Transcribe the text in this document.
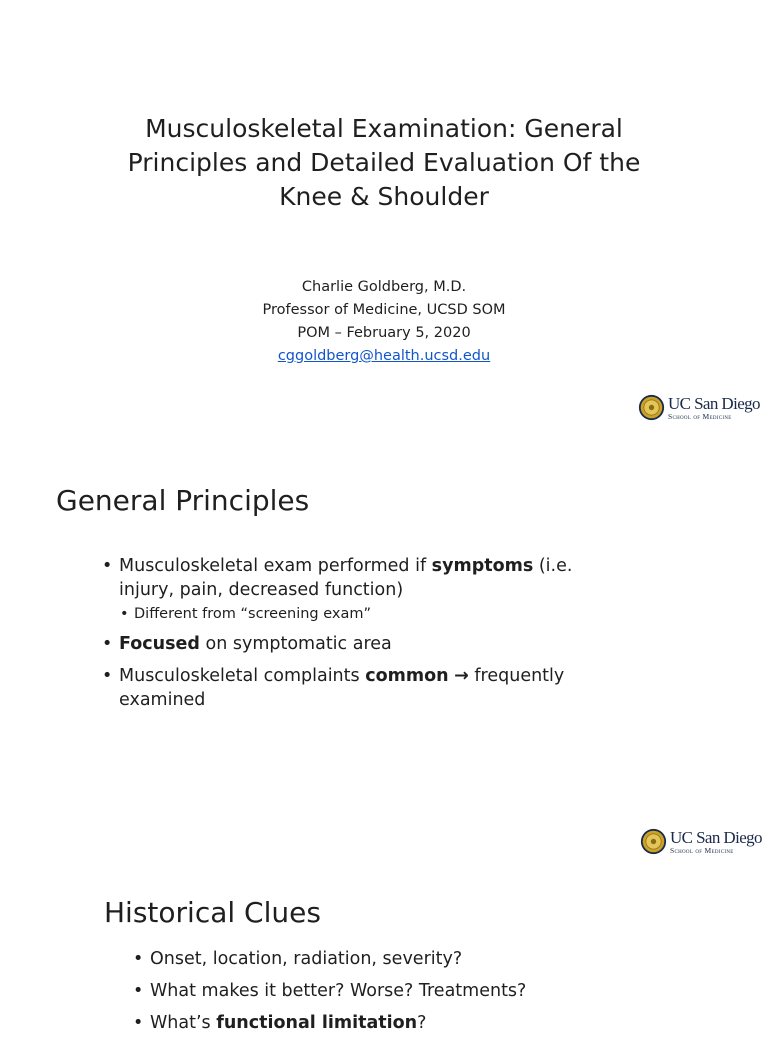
Musculoskeletal Examination: General
Principles and Detailed Evaluation Of the
Knee & Shoulder
Charlie Goldberg, M.D.
Professor of Medicine, UCSD SOM
POM – February 5, 2020
cggoldberg@health.ucsd.edu
UC San Diego
School of Medicine
General Principles
• Musculoskeletal exam performed if symptoms (i.e. injury, pain, decreased function)
• Different from “screening exam”
• Focused on symptomatic area
• Musculoskeletal complaints common → frequently examined
UC San Diego
School of Medicine
Historical Clues
• Onset, location, radiation, severity?
• What makes it better? Worse? Treatments?
• What’s functional limitation?
